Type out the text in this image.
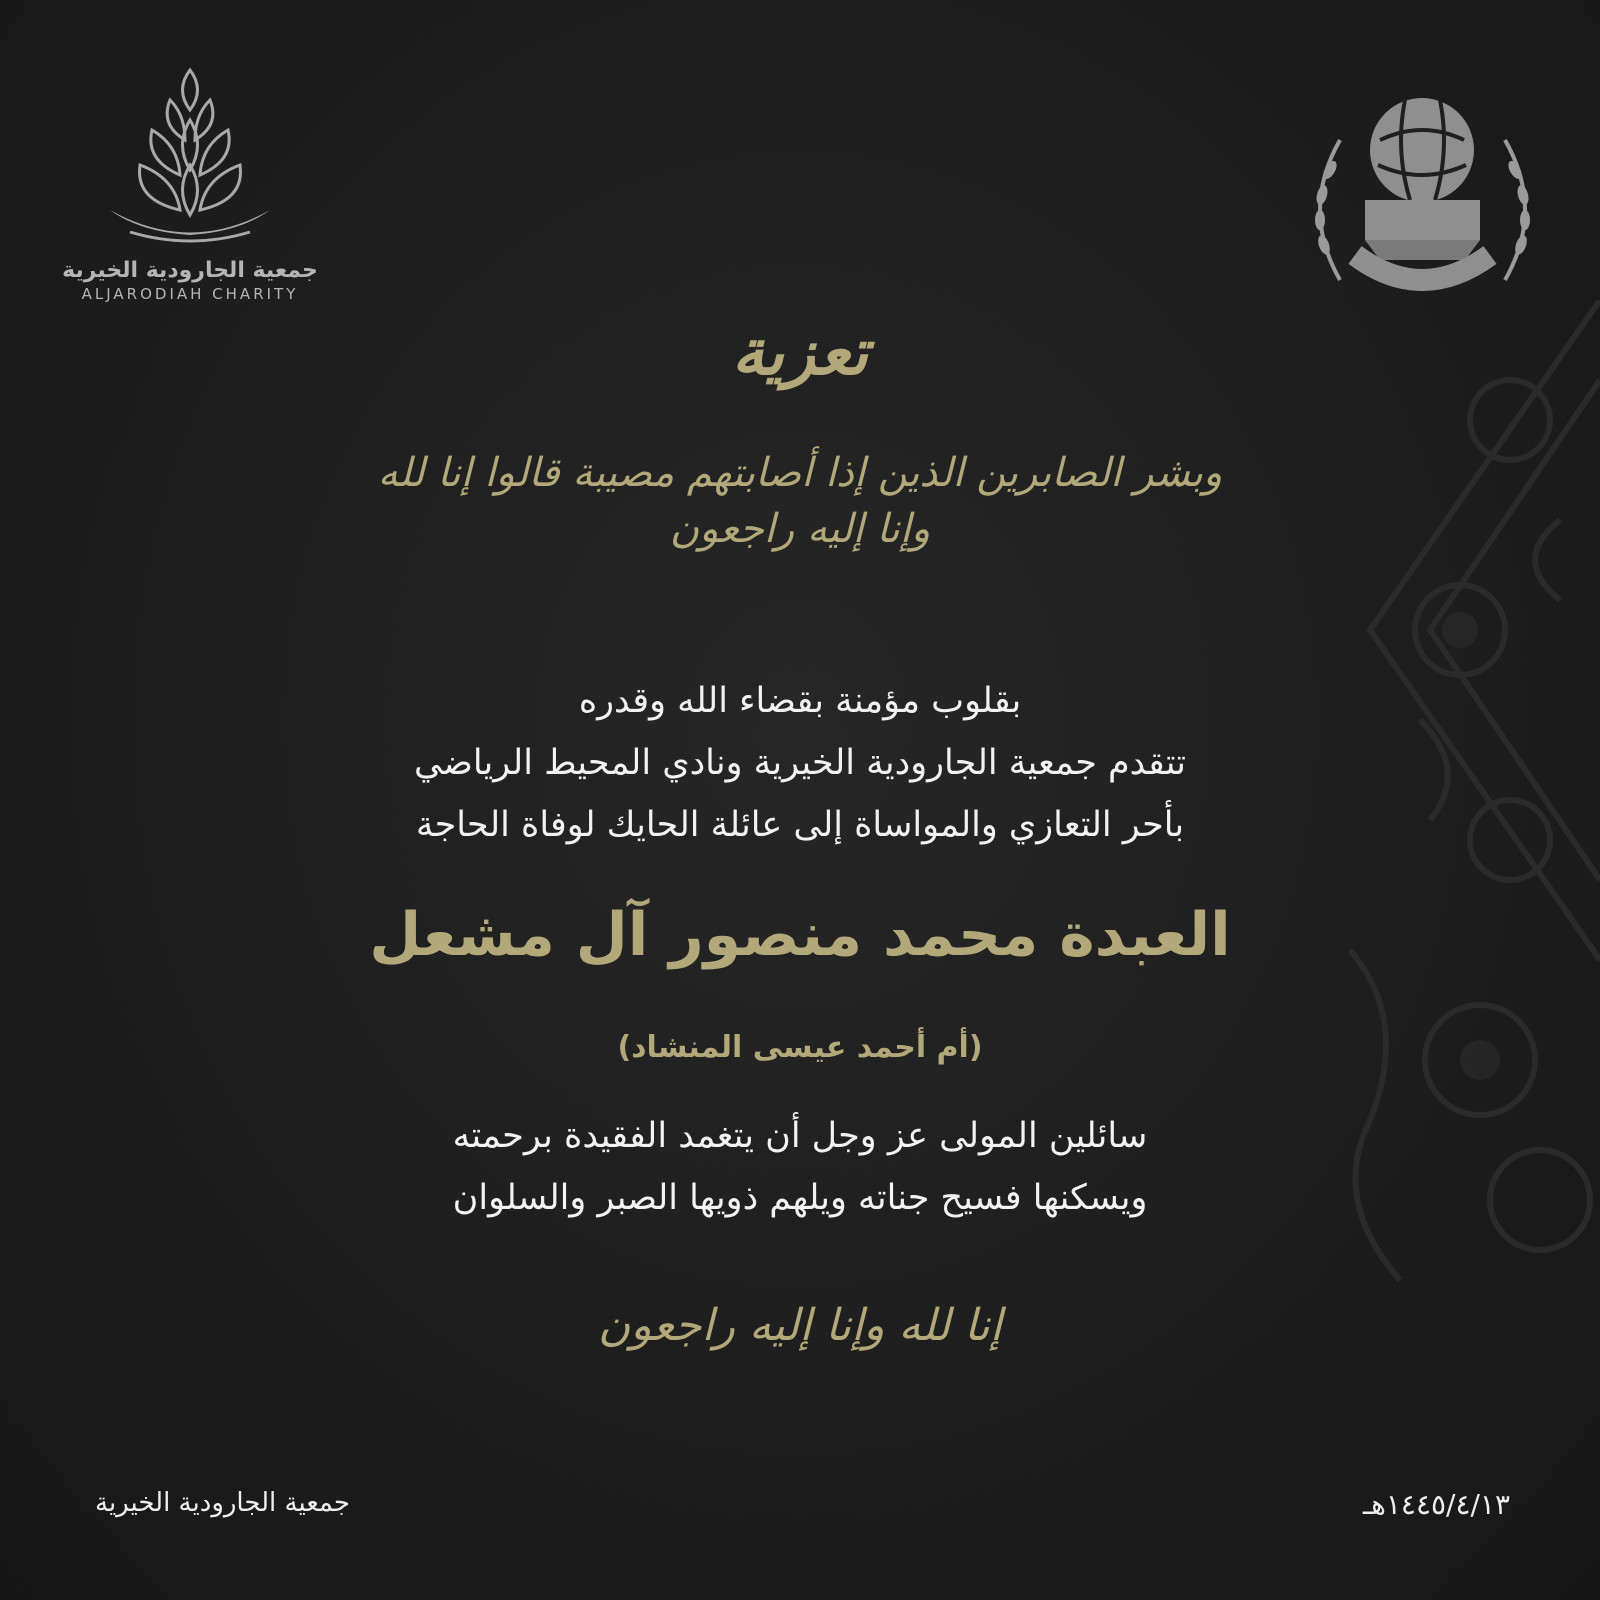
جمعية الجارودية الخيرية
ALJARODIAH CHARITY
تعزية
وبشر الصابرين الذين إذا أصابتهم مصيبة قالوا إنا لله وإنا إليه راجعون
بقلوب مؤمنة بقضاء الله وقدره
تتقدم جمعية الجارودية الخيرية ونادي المحيط الرياضي
بأحر التعازي والمواساة إلى عائلة الحايك لوفاة الحاجة
العبدة محمد منصور آل مشعل
(أم أحمد عيسى المنشاد)
سائلين المولى عز وجل أن يتغمد الفقيدة برحمته
ويسكنها فسيح جناته ويلهم ذويها الصبر والسلوان
إنا لله وإنا إليه راجعون
جمعية الجارودية الخيرية	١٤٤٥/٤/١٣هـ
